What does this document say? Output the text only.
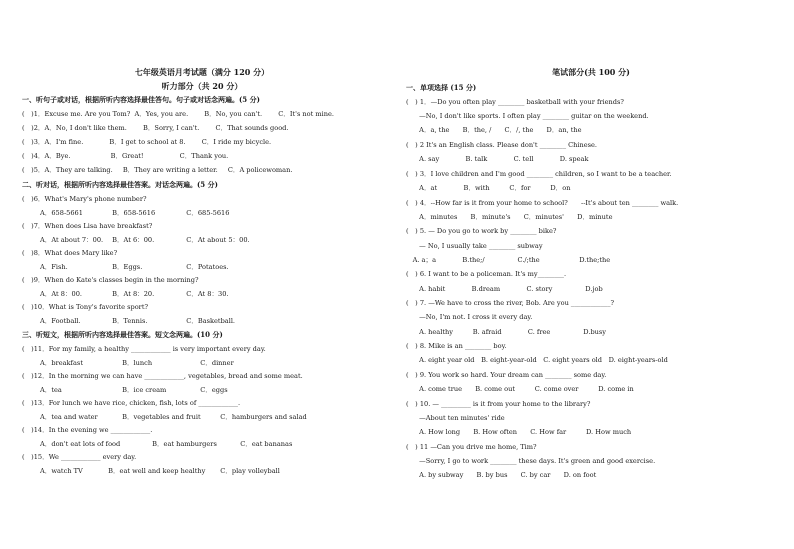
七年级英语月考试题（满分 120 分）
听力部分（共 20 分）
一、听句子或对话，根据所听内容选择最佳答句。句子或对话念两遍。(5 分)
(　)1．Excuse me. Are you Tom? A．Yes, you are. B．No, you can't. C．It's not mine.
(　)2．A．No, I don't like them. B．Sorry, I can't. C．That sounds good.
(　)3．A．I'm fine.	B．I get to school at 8. C．I ride my bicycle.
(　)4．A．Bye.	B．Great!	C．Thank you.
(　)5．A．They are talking. B．They are writing a letter. C．A policewoman.
二、听对话，根据所听内容选择最佳答案。对话念两遍。(5 分)
(　)6．What's Mary's phone number?
A．658-5661	B．658-5616	C．685-5616
(　)7．When does Lisa have breakfast?
A．At about 7：00. B．At 6：00.	C．At about 5：00.
(　)8．What does Mary like?
A．Fish.	B．Eggs.	C．Potatoes.
(　)9．When do Kate's classes begin in the morning?
A．At 8：00.	B．At 8：20.	C．At 8：30.
(　)10．What is Tony's favorite sport?
A．Football.	B．Tennis.	C．Basketball.
三、听短文，根据所听内容选择最佳答案。短文念两遍。(10 分)
(　)11．For my family, a healthy ____________ is very important every day.
A．breakfast	B．lunch	C．dinner
(　)12．In the morning we can have ____________, vegetables, bread and some meat.
A．tea	B．ice cream	C．eggs
(　)13．For lunch we have rice, chicken, fish, lots of ____________.
A．tea and water	B．vegetables and fruit	C．hamburgers and salad
(　)14．In the evening we ____________.
A．don't eat lots of food	B．eat hamburgers	C．eat bananas
(　)15．We ____________ every day.
A．watch TV	B．eat well and keep healthy C．play volleyball
笔试部分(共 100 分)
一、单项选择 (15 分)
(　) 1．—Do you often play ________ basketball with your friends?
　　—No, I don't like sports. I often play ________ guitar on the weekend.
　　A．a, the　　B．the, /　　C．/, the　　D．an, the
(　) 2 It's an English class. Please don't ________ Chinese.
　　A. say　　　　B. talk　　　　C. tell　　　　D. speak
(　) 3．I love children and I'm good ________ children, so I want to be a teacher.
　　A．at　　　　B．with　　　C．for　　　D．on
(　) 4．--How far is it from your home to school?　　--It's about ten ________ walk.
　　A．minutes　　B．minute's　　C．minutes'　　D．minute
(　) 5. — Do you go to work by ________ bike?
　　— No, I usually take ________ subway
　A. a；a　　　　B.the;/　　　　　C./;the　　　　　　D.the;the
(　) 6. I want to be a policeman. It's my________.
　　A. habit　　　　B.dream　　　　C. story　　　　　D.job
(　) 7. —We have to cross the river, Bob. Are you ____________?
　　—No, I'm not. I cross it every day.
　　A. healthy　　　B. afraid　　　　C. free　　　　　D.busy
(　) 8. Mike is an ________ boy.
　　A. eight year old　B. eight-year-old　C. eight years old　D. eight-years-old
(　) 9. You work so hard. Your dream can ________ some day.
　　A. come true　　B. come out　　　C. come over　　　D. come in
(　) 10. — _________ is it from your home to the library?
　　—About ten minutes' ride
　　A. How long　　B. How often　　C. How far　　　D. How much
(　) 11 —Can you drive me home, Tim?
　　—Sorry, I go to work ________ these days. It's green and good exercise.
　　A. by subway　　B. by bus　　C. by car　　D. on foot
